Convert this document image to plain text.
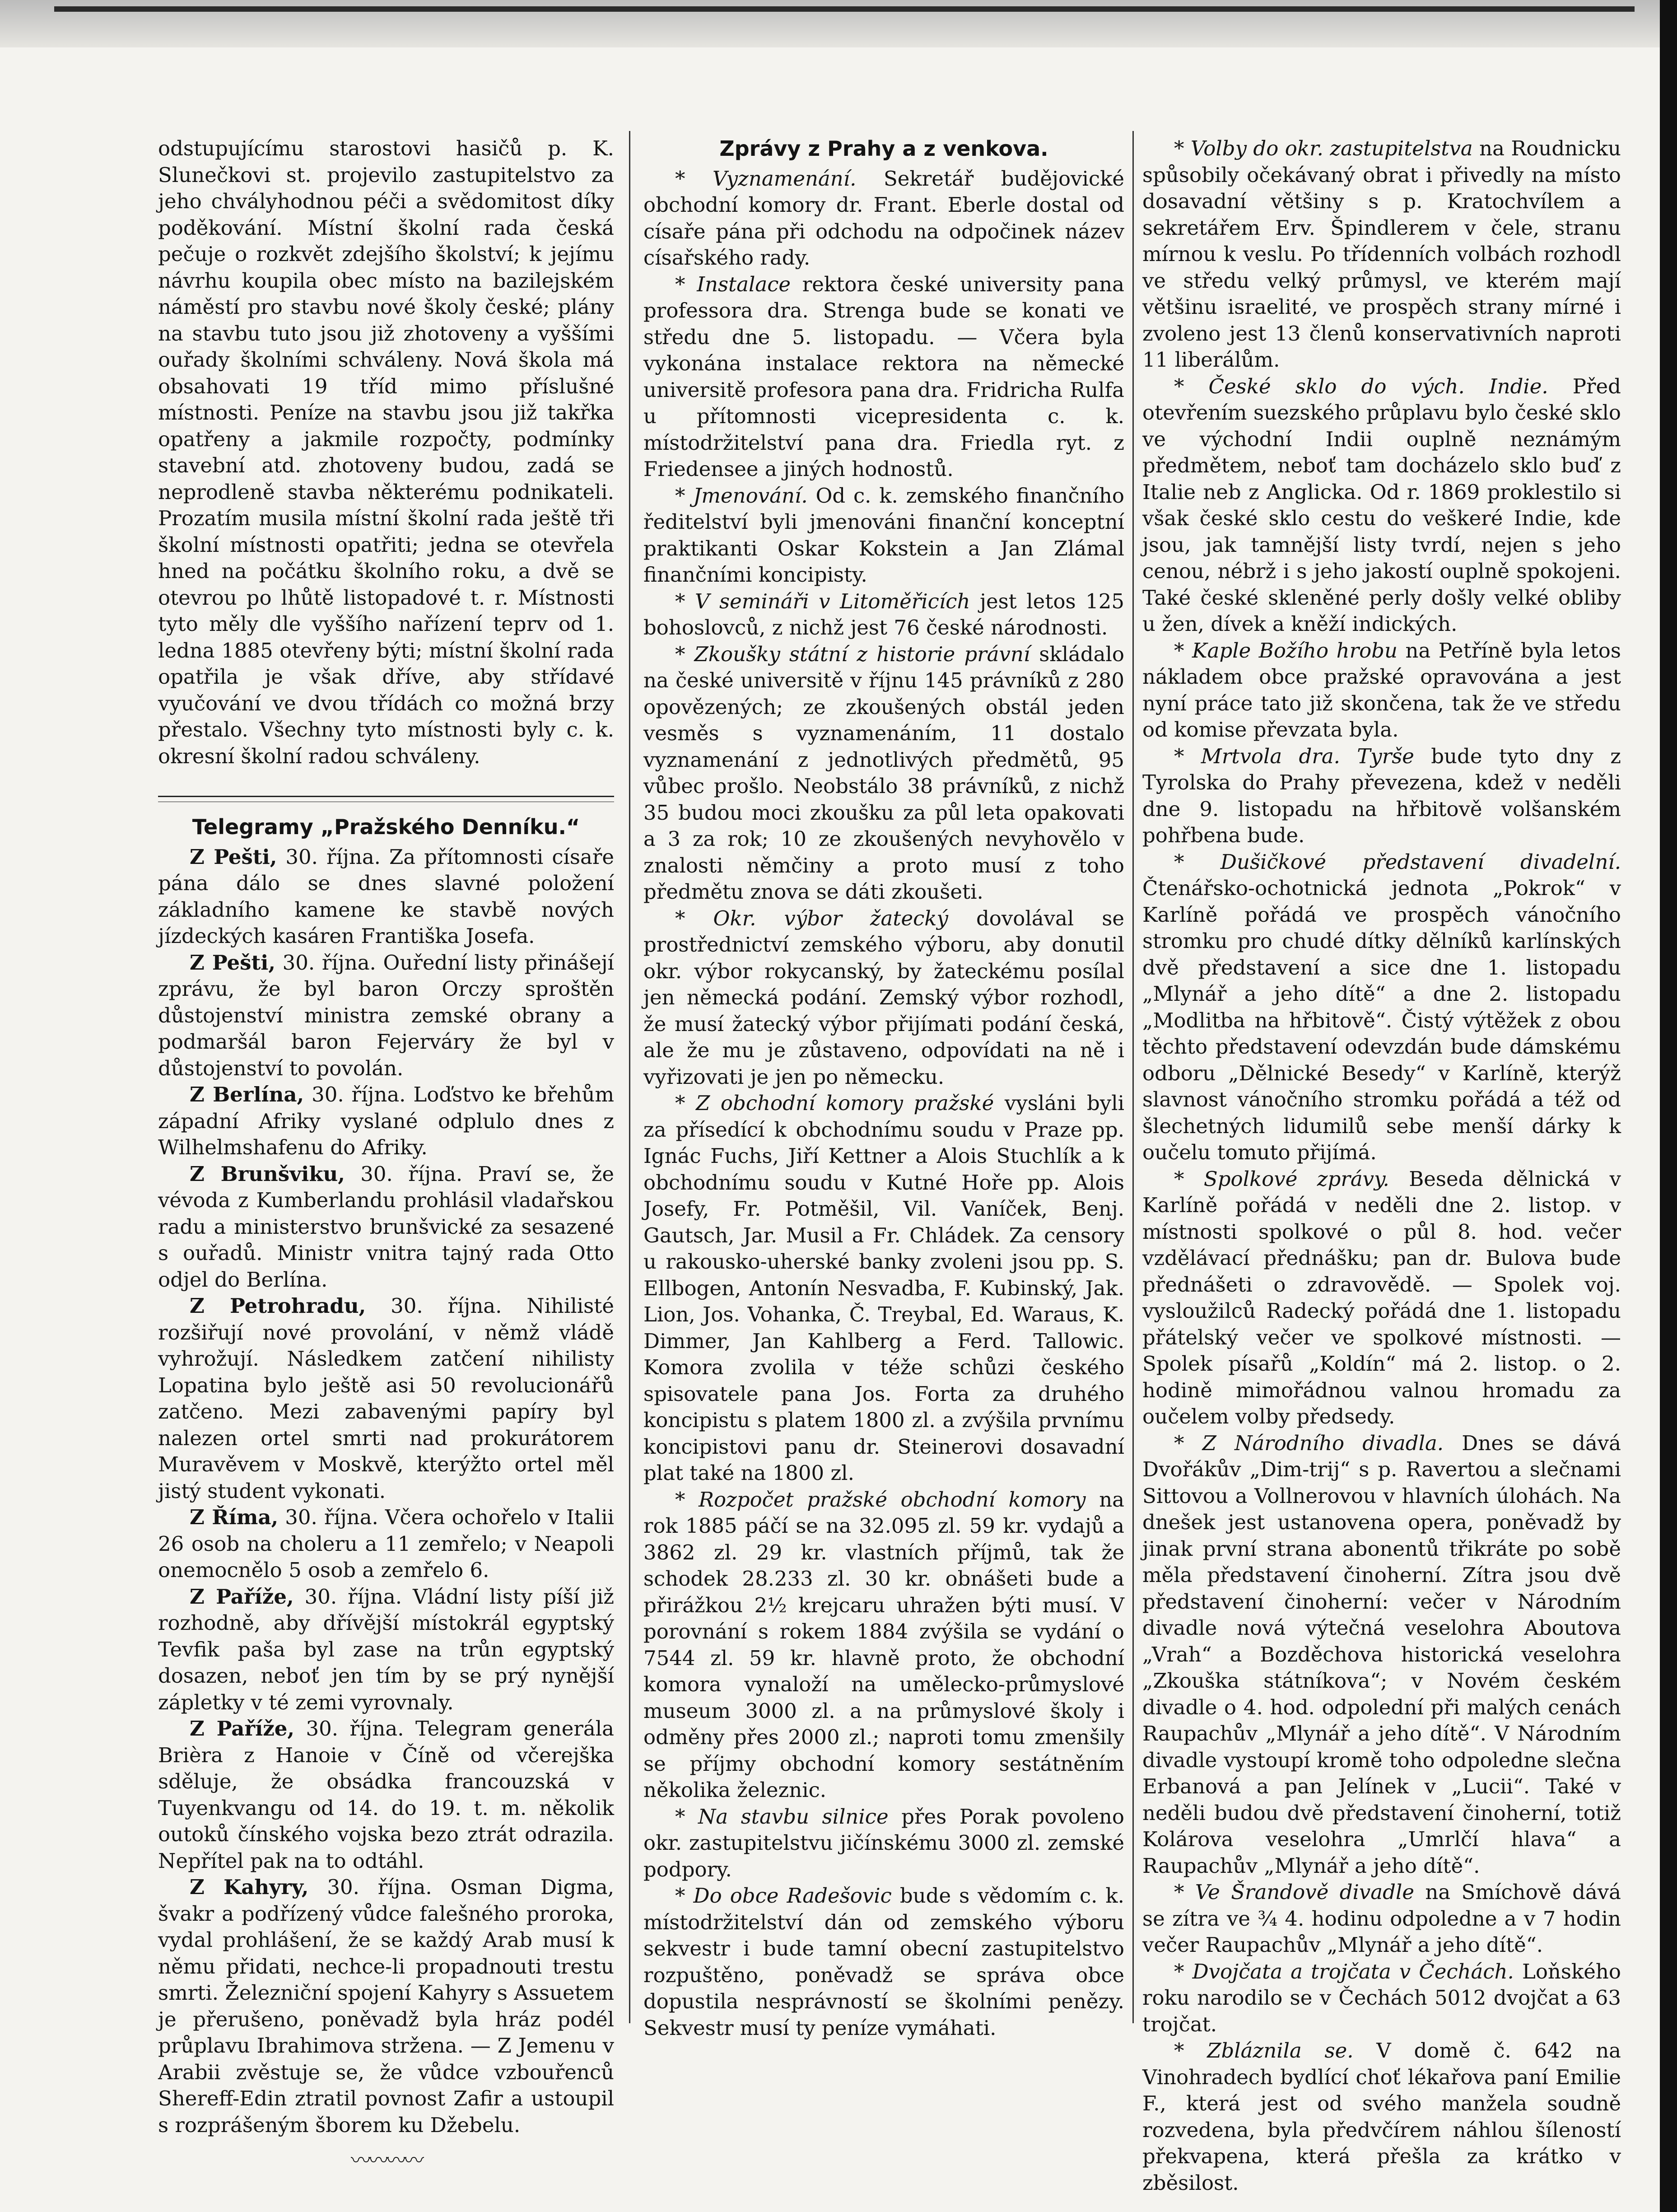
odstupujícímu starostovi hasičů p. K. Slunečkovi st. projevilo zastupitelstvo za jeho chvályhodnou péči a svědomitost díky poděkování. Místní školní rada česká pečuje o rozkvět zdejšího školství; k jejímu návrhu koupila obec místo na bazilejském náměstí pro stavbu nové školy české; plány na stavbu tuto jsou již zhotoveny a vyššími ouřady školními schváleny. Nová škola má obsahovati 19 tříd mimo příslušné místnosti. Peníze na stavbu jsou již takřka opatřeny a jakmile rozpočty, podmínky stavební atd. zhotoveny budou, zadá se neprodleně stavba některému podnikateli. Prozatím musila místní školní rada ještě tři školní místnosti opatřiti; jedna se otevřela hned na počátku školního roku, a dvě se otevrou po lhůtě listopadové t. r. Místnosti tyto měly dle vyššího nařízení teprv od 1. ledna 1885 otevřeny býti; místní školní rada opatřila je však dříve, aby střídavé vyučování ve dvou třídách co možná brzy přestalo. Všechny tyto místnosti byly c. k. okresní školní radou schváleny.

Telegramy „Pražského Denníku.“

Z Pešti, 30. října. Za přítomnosti císaře pána dálo se dnes slavné položení základního kamene ke stavbě nových jízdeckých kasáren Františka Josefa.

Z Pešti, 30. října. Ouřední listy přinášejí zprávu, že byl baron Orczy sproštěn důstojenství ministra zemské obrany a podmaršál baron Fejerváry že byl v důstojenství to povolán.

Z Berlína, 30. října. Loďstvo ke břehům západní Afriky vyslané odplulo dnes z Wilhelmshafenu do Afriky.

Z Brunšviku, 30. října. Praví se, že vévoda z Kumberlandu prohlásil vladařskou radu a ministerstvo brunšvické za sesazené s ouřadů. Ministr vnitra tajný rada Otto odjel do Berlína.

Z Petrohradu, 30. října. Nihilisté rozšiřují nové provolání, v němž vládě vyhrožují. Následkem zatčení nihilisty Lopatina bylo ještě asi 50 revolucionářů zatčeno. Mezi zabavenými papíry byl nalezen ortel smrti nad prokurátorem Muravěvem v Moskvě, kterýžto ortel měl jistý student vykonati.

Z Říma, 30. října. Včera ochořelo v Italii 26 osob na choleru a 11 zemřelo; v Neapoli onemocnělo 5 osob a zemřelo 6.

Z Paříže, 30. října. Vládní listy píší již rozhodně, aby dřívější místokrál egyptský Tevfik paša byl zase na trůn egyptský dosazen, neboť jen tím by se prý nynější zápletky v té zemi vyrovnaly.

Z Paříže, 30. října. Telegram generála Brièra z Hanoie v Číně od včerejška sděluje, že obsádka francouzská v Tuyenkvangu od 14. do 19. t. m. několik outoků čínského vojska bezo ztrát odrazila. Nepřítel pak na to odtáhl.

Z Kahyry, 30. října. Osman Digma, švakr a podřízený vůdce falešného proroka, vydal prohlášení, že se každý Arab musí k němu přidati, nechce-li propadnouti trestu smrti. Železniční spojení Kahyry s Assuetem je přerušeno, poněvadž byla hráz podél průplavu Ibrahimova stržena. — Z Jemenu v Arabii zvěstuje se, že vůdce vzbouřenců Shereff-Edin ztratil povnost Zafir a ustoupil s rozprášeným šborem ku Džebelu.

〰〰〰〰
Zprávy z Prahy a z venkova.

* Vyznamenání. Sekretář budějovické obchodní komory dr. Frant. Eberle dostal od císaře pána při odchodu na odpočinek název císařského rady.

* Instalace rektora české university pana professora dra. Strenga bude se konati ve středu dne 5. listopadu. — Včera byla vykonána instalace rektora na německé universitě profesora pana dra. Fridricha Rulfa u přítomnosti vicepresidenta c. k. místodržitelství pana dra. Friedla ryt. z Friedensee a jiných hodnostů.

* Jmenování. Od c. k. zemského finančního ředitelství byli jmenováni finanční konceptní praktikanti Oskar Kokstein a Jan Zlámal finančními koncipisty.

* V semináři v Litoměřicích jest letos 125 bohoslovců, z nichž jest 76 české národnosti.

* Zkoušky státní z historie právní skládalo na české universitě v říjnu 145 právníků z 280 opovězených; ze zkoušených obstál jeden vesměs s vyznamenáním, 11 dostalo vyznamenání z jednotlivých předmětů, 95 vůbec prošlo. Neobstálo 38 právníků, z nichž 35 budou moci zkoušku za půl leta opakovati a 3 za rok; 10 ze zkoušených nevyhovělo v znalosti němčiny a proto musí z toho předmětu znova se dáti zkoušeti.

* Okr. výbor žatecký dovolával se prostřednictví zemského výboru, aby donutil okr. výbor rokycanský, by žateckému posílal jen německá podání. Zemský výbor rozhodl, že musí žatecký výbor přijímati podání česká, ale že mu je zůstaveno, odpovídati na ně i vyřizovati je jen po německu.

* Z obchodní komory pražské vysláni byli za přísedící k obchodnímu soudu v Praze pp. Ignác Fuchs, Jiří Kettner a Alois Stuchlík a k obchodnímu soudu v Kutné Hoře pp. Alois Josefy, Fr. Potměšil, Vil. Vaníček, Benj. Gautsch, Jar. Musil a Fr. Chládek. Za censory u rakousko-uherské banky zvoleni jsou pp. S. Ellbogen, Antonín Nesvadba, F. Kubinský, Jak. Lion, Jos. Vohanka, Č. Treybal, Ed. Waraus, K. Dimmer, Jan Kahlberg a Ferd. Tallowic. Komora zvolila v téže schůzi českého spisovatele pana Jos. Forta za druhého koncipistu s platem 1800 zl. a zvýšila prvnímu koncipistovi panu dr. Steinerovi dosavadní plat také na 1800 zl.

* Rozpočet pražské obchodní komory na rok 1885 páčí se na 32.095 zl. 59 kr. vydajů a 3862 zl. 29 kr. vlastních příjmů, tak že schodek 28.233 zl. 30 kr. obnášeti bude a přirážkou 2½ krejcaru uhražen býti musí. V porovnání s rokem 1884 zvýšila se vydání o 7544 zl. 59 kr. hlavně proto, že obchodní komora vynaloží na umělecko-průmyslové museum 3000 zl. a na průmyslové školy i odměny přes 2000 zl.; naproti tomu zmenšily se příjmy obchodní komory sestátněním několika železnic.

* Na stavbu silnice přes Porak povoleno okr. zastupitelstvu jičínskému 3000 zl. zemské podpory.

* Do obce Radešovic bude s vědomím c. k. místodržitelství dán od zemského výboru sekvestr i bude tamní obecní zastupitelstvo rozpuštěno, poněvadž se správa obce dopustila nesprávností se školními penězy. Sekvestr musí ty peníze vymáhati.

* Volby do okr. zastupitelstva na Roudnicku spůsobily očekávaný obrat i přivedly na místo dosavadní většiny s p. Kratochvílem a sekretářem Erv. Špindlerem v čele, stranu mírnou k veslu. Po třídenních volbách rozhodl ve středu velký průmysl, ve kterém mají většinu israelité, ve prospěch strany mírné i zvoleno jest 13 členů konservativních naproti 11 liberálům.

* České sklo do vých. Indie. Před otevřením suezského průplavu bylo české sklo ve východní Indii ouplně neznámým předmětem, neboť tam docházelo sklo buď z Italie neb z Anglicka. Od r. 1869 proklestilo si však české sklo cestu do veškeré Indie, kde jsou, jak tamnější listy tvrdí, nejen s jeho cenou, nébrž i s jeho jakostí ouplně spokojeni. Také české skleněné perly došly velké obliby u žen, dívek a kněží indických.

* Kaple Božího hrobu na Petříně byla letos nákladem obce pražské opravována a jest nyní práce tato již skončena, tak že ve středu od komise převzata byla.

* Mrtvola dra. Tyrše bude tyto dny z Tyrolska do Prahy převezena, kdež v neděli dne 9. listopadu na hřbitově volšanském pohřbena bude.

* Dušičkové představení divadelní. Čtenářsko-ochotnická jednota „Pokrok“ v Karlíně pořádá ve prospěch vánočního stromku pro chudé dítky dělníků karlínských dvě představení a sice dne 1. listopadu „Mlynář a jeho dítě“ a dne 2. listopadu „Modlitba na hřbitově“. Čistý výtěžek z obou těchto představení odevzdán bude dámskému odboru „Dělnické Besedy“ v Karlíně, kterýž slavnost vánočního stromku pořádá a též od šlechetných lidumilů sebe menší dárky k oučelu tomuto přijímá.

* Spolkové zprávy. Beseda dělnická v Karlíně pořádá v neděli dne 2. listop. v místnosti spolkové o půl 8. hod. večer vzdělávací přednášku; pan dr. Bulova bude přednášeti o zdravovědě. — Spolek voj. vysloužilců Radecký pořádá dne 1. listopadu přátelský večer ve spolkové místnosti. — Spolek písařů „Koldín“ má 2. listop. o 2. hodině mimořádnou valnou hromadu za oučelem volby předsedy.

* Z Národního divadla. Dnes se dává Dvořákův „Dim-trij“ s p. Ravertou a slečnami Sittovou a Vollnerovou v hlavních úlohách. Na dnešek jest ustanovena opera, poněvadž by jinak první strana abonentů třikráte po sobě měla představení činoherní. Zítra jsou dvě představení činoherní: večer v Národním divadle nová výtečná veselohra Aboutova „Vrah“ a Bozděchova historická veselohra „Zkouška státníkova“; v Novém českém divadle o 4. hod. odpolední při malých cenách Raupachův „Mlynář a jeho dítě“. V Národním divadle vystoupí kromě toho odpoledne slečna Erbanová a pan Jelínek v „Lucii“. Také v neděli budou dvě představení činoherní, totiž Kolárova veselohra „Umrlčí hlava“ a Raupachův „Mlynář a jeho dítě“.

* Ve Šrandově divadle na Smíchově dává se zítra ve ¾ 4. hodinu odpoledne a v 7 hodin večer Raupachův „Mlynář a jeho dítě“.

* Dvojčata a trojčata v Čechách. Loňského roku narodilo se v Čechách 5012 dvojčat a 63 trojčat.

* Zbláznila se. V domě č. 642 na Vinohradech bydlící choť lékařova paní Emilie F., která jest od svého manžela soudně rozvedena, byla předvčírem náhlou šíleností překvapena, která přešla za krátko v zběsilost.
